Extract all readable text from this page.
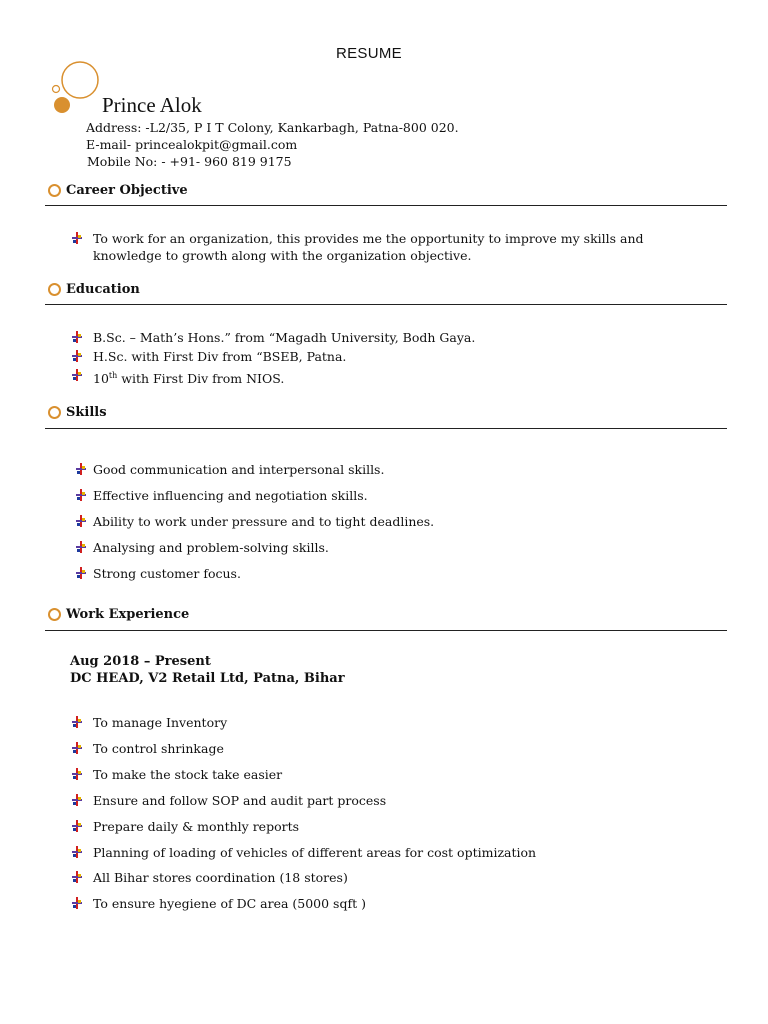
RESUME
Prince Alok
Address: -L2/35, P I T Colony, Kankarbagh, Patna-800 020.
E-mail- princealokpit@gmail.com
Mobile No: - +91- 960 819 9175
Career Objective
To work for an organization, this provides me the opportunity to improve my skills and knowledge to growth along with the organization objective.
Education
B.Sc. – Math’s Hons.” from “Magadh University, Bodh Gaya.
H.Sc. with First Div from “BSEB, Patna.
10th with First Div from NIOS.
Skills
Good communication and interpersonal skills.
Effective influencing and negotiation skills.
Ability to work under pressure and to tight deadlines.
Analysing and problem-solving skills.
Strong customer focus.
Work Experience
Aug 2018 – Present
DC HEAD, V2 Retail Ltd, Patna, Bihar
To manage Inventory
To control shrinkage
To make the stock take easier
Ensure and follow SOP and audit part process
Prepare daily & monthly reports
Planning of loading of vehicles of different areas for cost optimization
All Bihar stores coordination (18 stores)
To ensure hyegiene of DC area (5000 sqft )
